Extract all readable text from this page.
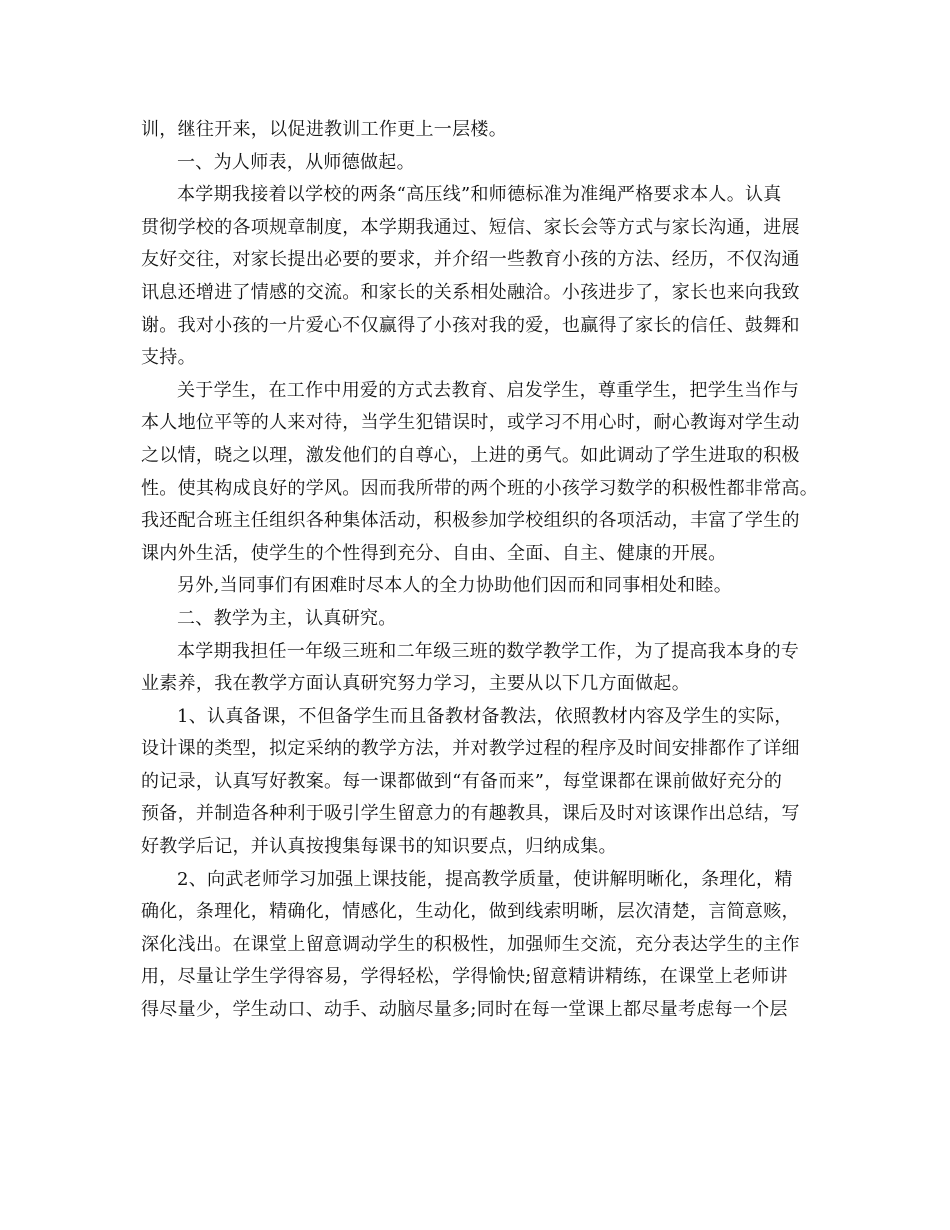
训，继往开来，以促进教训工作更上一层楼。
一、为人师表，从师德做起。
本学期我接着以学校的两条“高压线”和师德标准为准绳严格要求本人。认真
贯彻学校的各项规章制度，本学期我通过、短信、家长会等方式与家长沟通，进展
友好交往，对家长提出必要的要求，并介绍一些教育小孩的方法、经历，不仅沟通
讯息还增进了情感的交流。和家长的关系相处融洽。小孩进步了，家长也来向我致
谢。我对小孩的一片爱心不仅赢得了小孩对我的爱，也赢得了家长的信任、鼓舞和
支持。
关于学生，在工作中用爱的方式去教育、启发学生，尊重学生，把学生当作与
本人地位平等的人来对待，当学生犯错误时，或学习不用心时，耐心教诲对学生动
之以情，晓之以理，激发他们的自尊心，上进的勇气。如此调动了学生进取的积极
性。使其构成良好的学风。因而我所带的两个班的小孩学习数学的积极性都非常高。
我还配合班主任组织各种集体活动，积极参加学校组织的各项活动，丰富了学生的
课内外生活，使学生的个性得到充分、自由、全面、自主、健康的开展。
另外,当同事们有困难时尽本人的全力协助他们因而和同事相处和睦。
二、教学为主，认真研究。
本学期我担任一年级三班和二年级三班的数学教学工作，为了提高我本身的专
业素养，我在教学方面认真研究努力学习，主要从以下几方面做起。
1、认真备课，不但备学生而且备教材备教法，依照教材内容及学生的实际，
设计课的类型，拟定采纳的教学方法，并对教学过程的程序及时间安排都作了详细
的记录，认真写好教案。每一课都做到“有备而来”，每堂课都在课前做好充分的
预备，并制造各种利于吸引学生留意力的有趣教具，课后及时对该课作出总结，写
好教学后记，并认真按搜集每课书的知识要点，归纳成集。
2、向武老师学习加强上课技能，提高教学质量，使讲解明晰化，条理化，精
确化，条理化，精确化，情感化，生动化，做到线索明晰，层次清楚，言简意赅，
深化浅出。在课堂上留意调动学生的积极性，加强师生交流，充分表达学生的主作
用，尽量让学生学得容易，学得轻松，学得愉快;留意精讲精练，在课堂上老师讲
得尽量少，学生动口、动手、动脑尽量多;同时在每一堂课上都尽量考虑每一个层
